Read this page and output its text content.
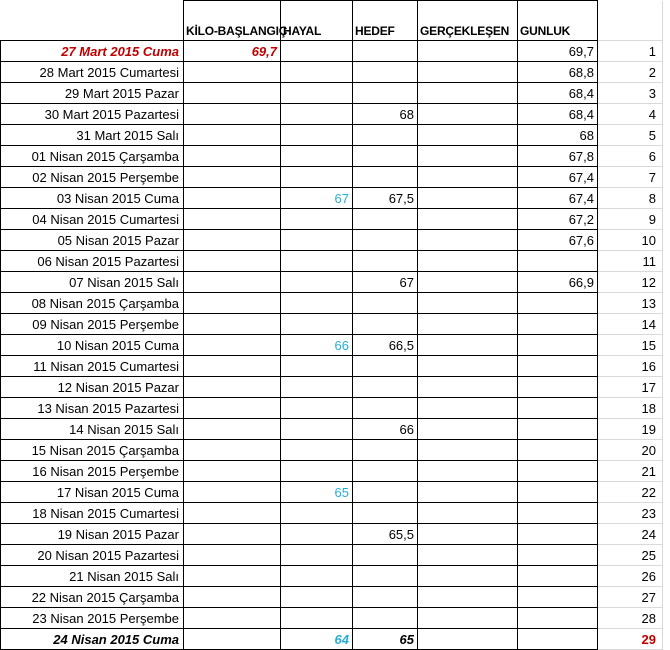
	KİLO-BAŞLANGIÇ	HAYAL	HEDEF	GERÇEKLEŞEN	GUNLUK		
27 Mart 2015 Cuma	69,7				69,7	1	
28 Mart 2015 Cumartesi					68,8	2	
29 Mart 2015 Pazar					68,4	3	
30 Mart 2015 Pazartesi			68		68,4	4	
31 Mart 2015 Salı					68	5	
01 Nisan 2015 Çarşamba					67,8	6	
02 Nisan 2015 Perşembe					67,4	7	
03 Nisan 2015 Cuma		67	67,5		67,4	8	
04 Nisan 2015 Cumartesi					67,2	9	
05 Nisan 2015 Pazar					67,6	10	
06 Nisan 2015 Pazartesi						11	
07 Nisan 2015 Salı			67		66,9	12	
08 Nisan 2015 Çarşamba						13	
09 Nisan 2015 Perşembe						14	
10 Nisan 2015 Cuma		66	66,5			15	
11 Nisan 2015 Cumartesi						16	
12 Nisan 2015 Pazar						17	
13 Nisan 2015 Pazartesi						18	
14 Nisan 2015 Salı			66			19	
15 Nisan 2015 Çarşamba						20	
16 Nisan 2015 Perşembe						21	
17 Nisan 2015 Cuma		65				22	
18 Nisan 2015 Cumartesi						23	
19 Nisan 2015 Pazar			65,5			24	
20 Nisan 2015 Pazartesi						25	
21 Nisan 2015 Salı						26	
22 Nisan 2015 Çarşamba						27	
23 Nisan 2015 Perşembe						28	
24 Nisan 2015 Cuma		64	65			29	
